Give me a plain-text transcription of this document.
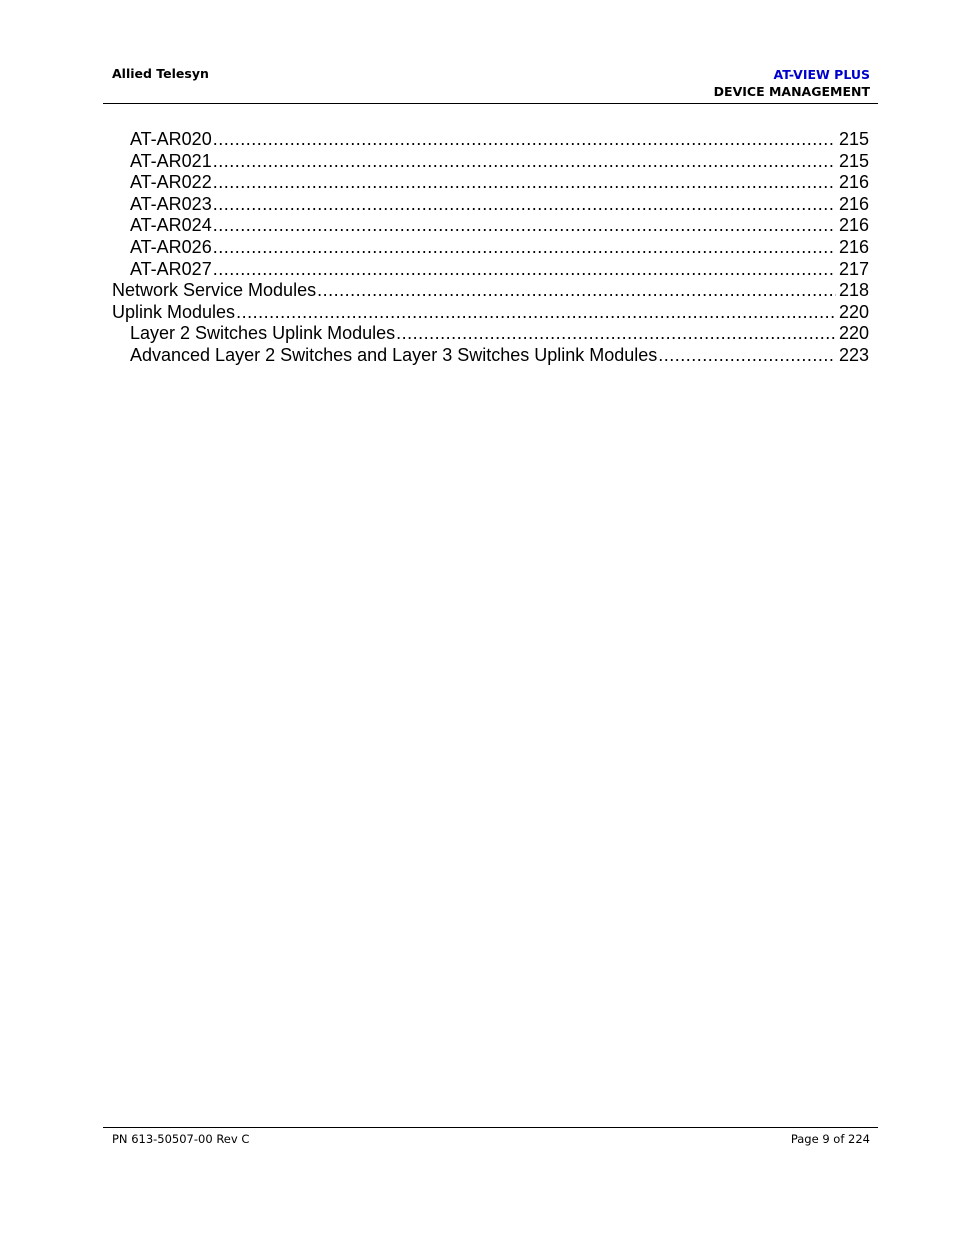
Allied Telesyn	AT-VIEW PLUS
DEVICE MANAGEMENT
AT-AR020 .....	215
AT-AR021 .....	215
AT-AR022 .....	216
AT-AR023 .....	216
AT-AR024 .....	216
AT-AR026 .....	216
AT-AR027 .....	217
Network Service Modules .....	218
Uplink Modules .....	220
Layer 2 Switches Uplink Modules .....	220
Advanced Layer 2 Switches and Layer 3 Switches Uplink Modules .....	223
PN 613-50507-00 Rev C	Page 9 of 224
